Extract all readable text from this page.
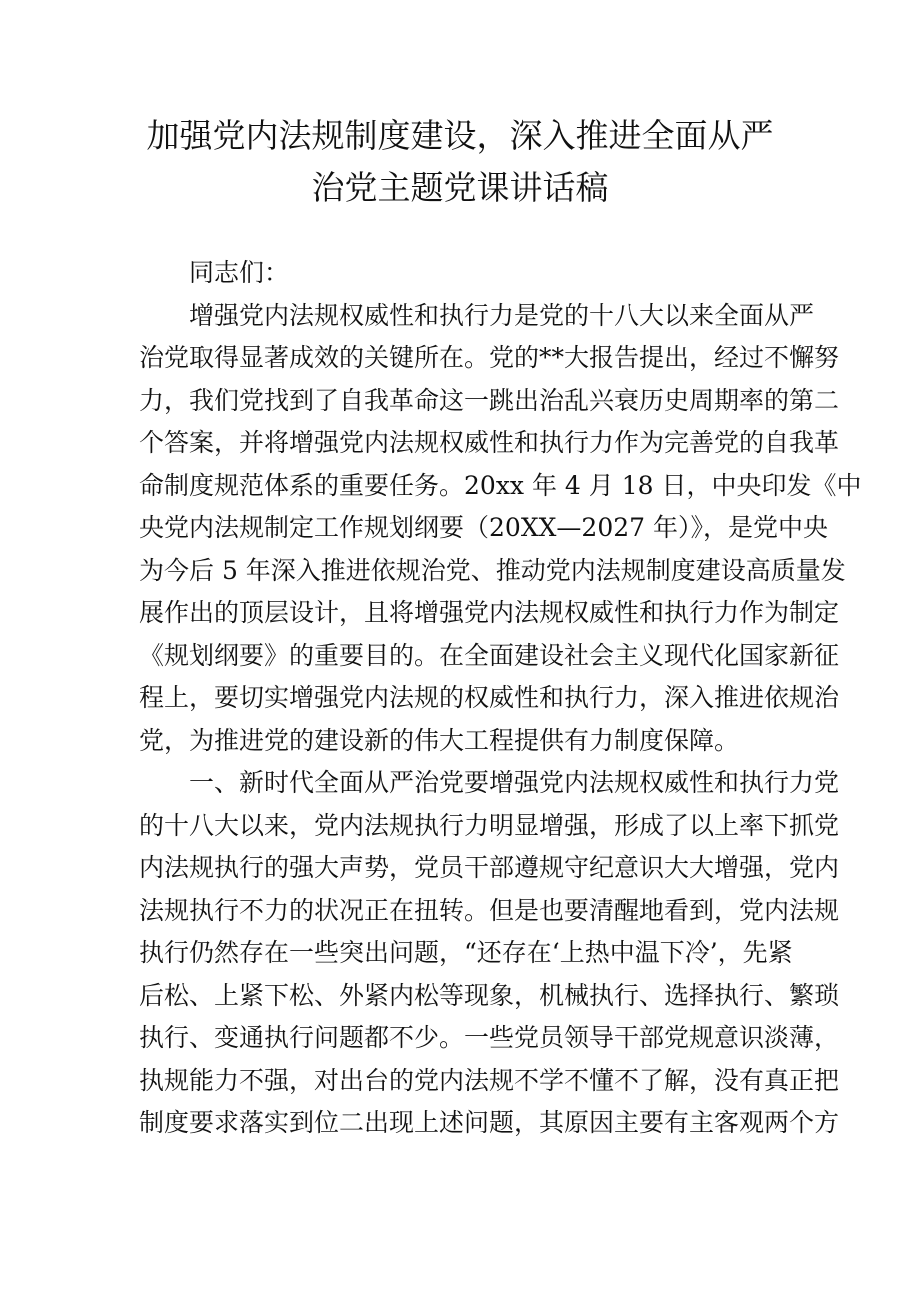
加强党内法规制度建设，深入推进全面从严
治党主题党课讲话稿
同志们：
增强党内法规权威性和执行力是党的十八大以来全面从严
治党取得显著成效的关键所在。党的**大报告提出，经过不懈努
力，我们党找到了自我革命这一跳出治乱兴衰历史周期率的第二
个答案，并将增强党内法规权威性和执行力作为完善党的自我革
命制度规范体系的重要任务。20xx 年 4 月 18 日，中央印发《中
央党内法规制定工作规划纲要（20XX—2027 年）》，是党中央
为今后 5 年深入推进依规治党、推动党内法规制度建设高质量发
展作出的顶层设计，且将增强党内法规权威性和执行力作为制定
《规划纲要》的重要目的。在全面建设社会主义现代化国家新征
程上，要切实增强党内法规的权威性和执行力，深入推进依规治
党，为推进党的建设新的伟大工程提供有力制度保障。
一、新时代全面从严治党要增强党内法规权威性和执行力党
的十八大以来，党内法规执行力明显增强，形成了以上率下抓党
内法规执行的强大声势，党员干部遵规守纪意识大大增强，党内
法规执行不力的状况正在扭转。但是也要清醒地看到，党内法规
执行仍然存在一些突出问题，“还存在‘上热中温下冷’，先紧
后松、上紧下松、外紧内松等现象，机械执行、选择执行、繁琐
执行、变通执行问题都不少。一些党员领导干部党规意识淡薄，
执规能力不强，对出台的党内法规不学不懂不了解，没有真正把
制度要求落实到位二出现上述问题，其原因主要有主客观两个方
